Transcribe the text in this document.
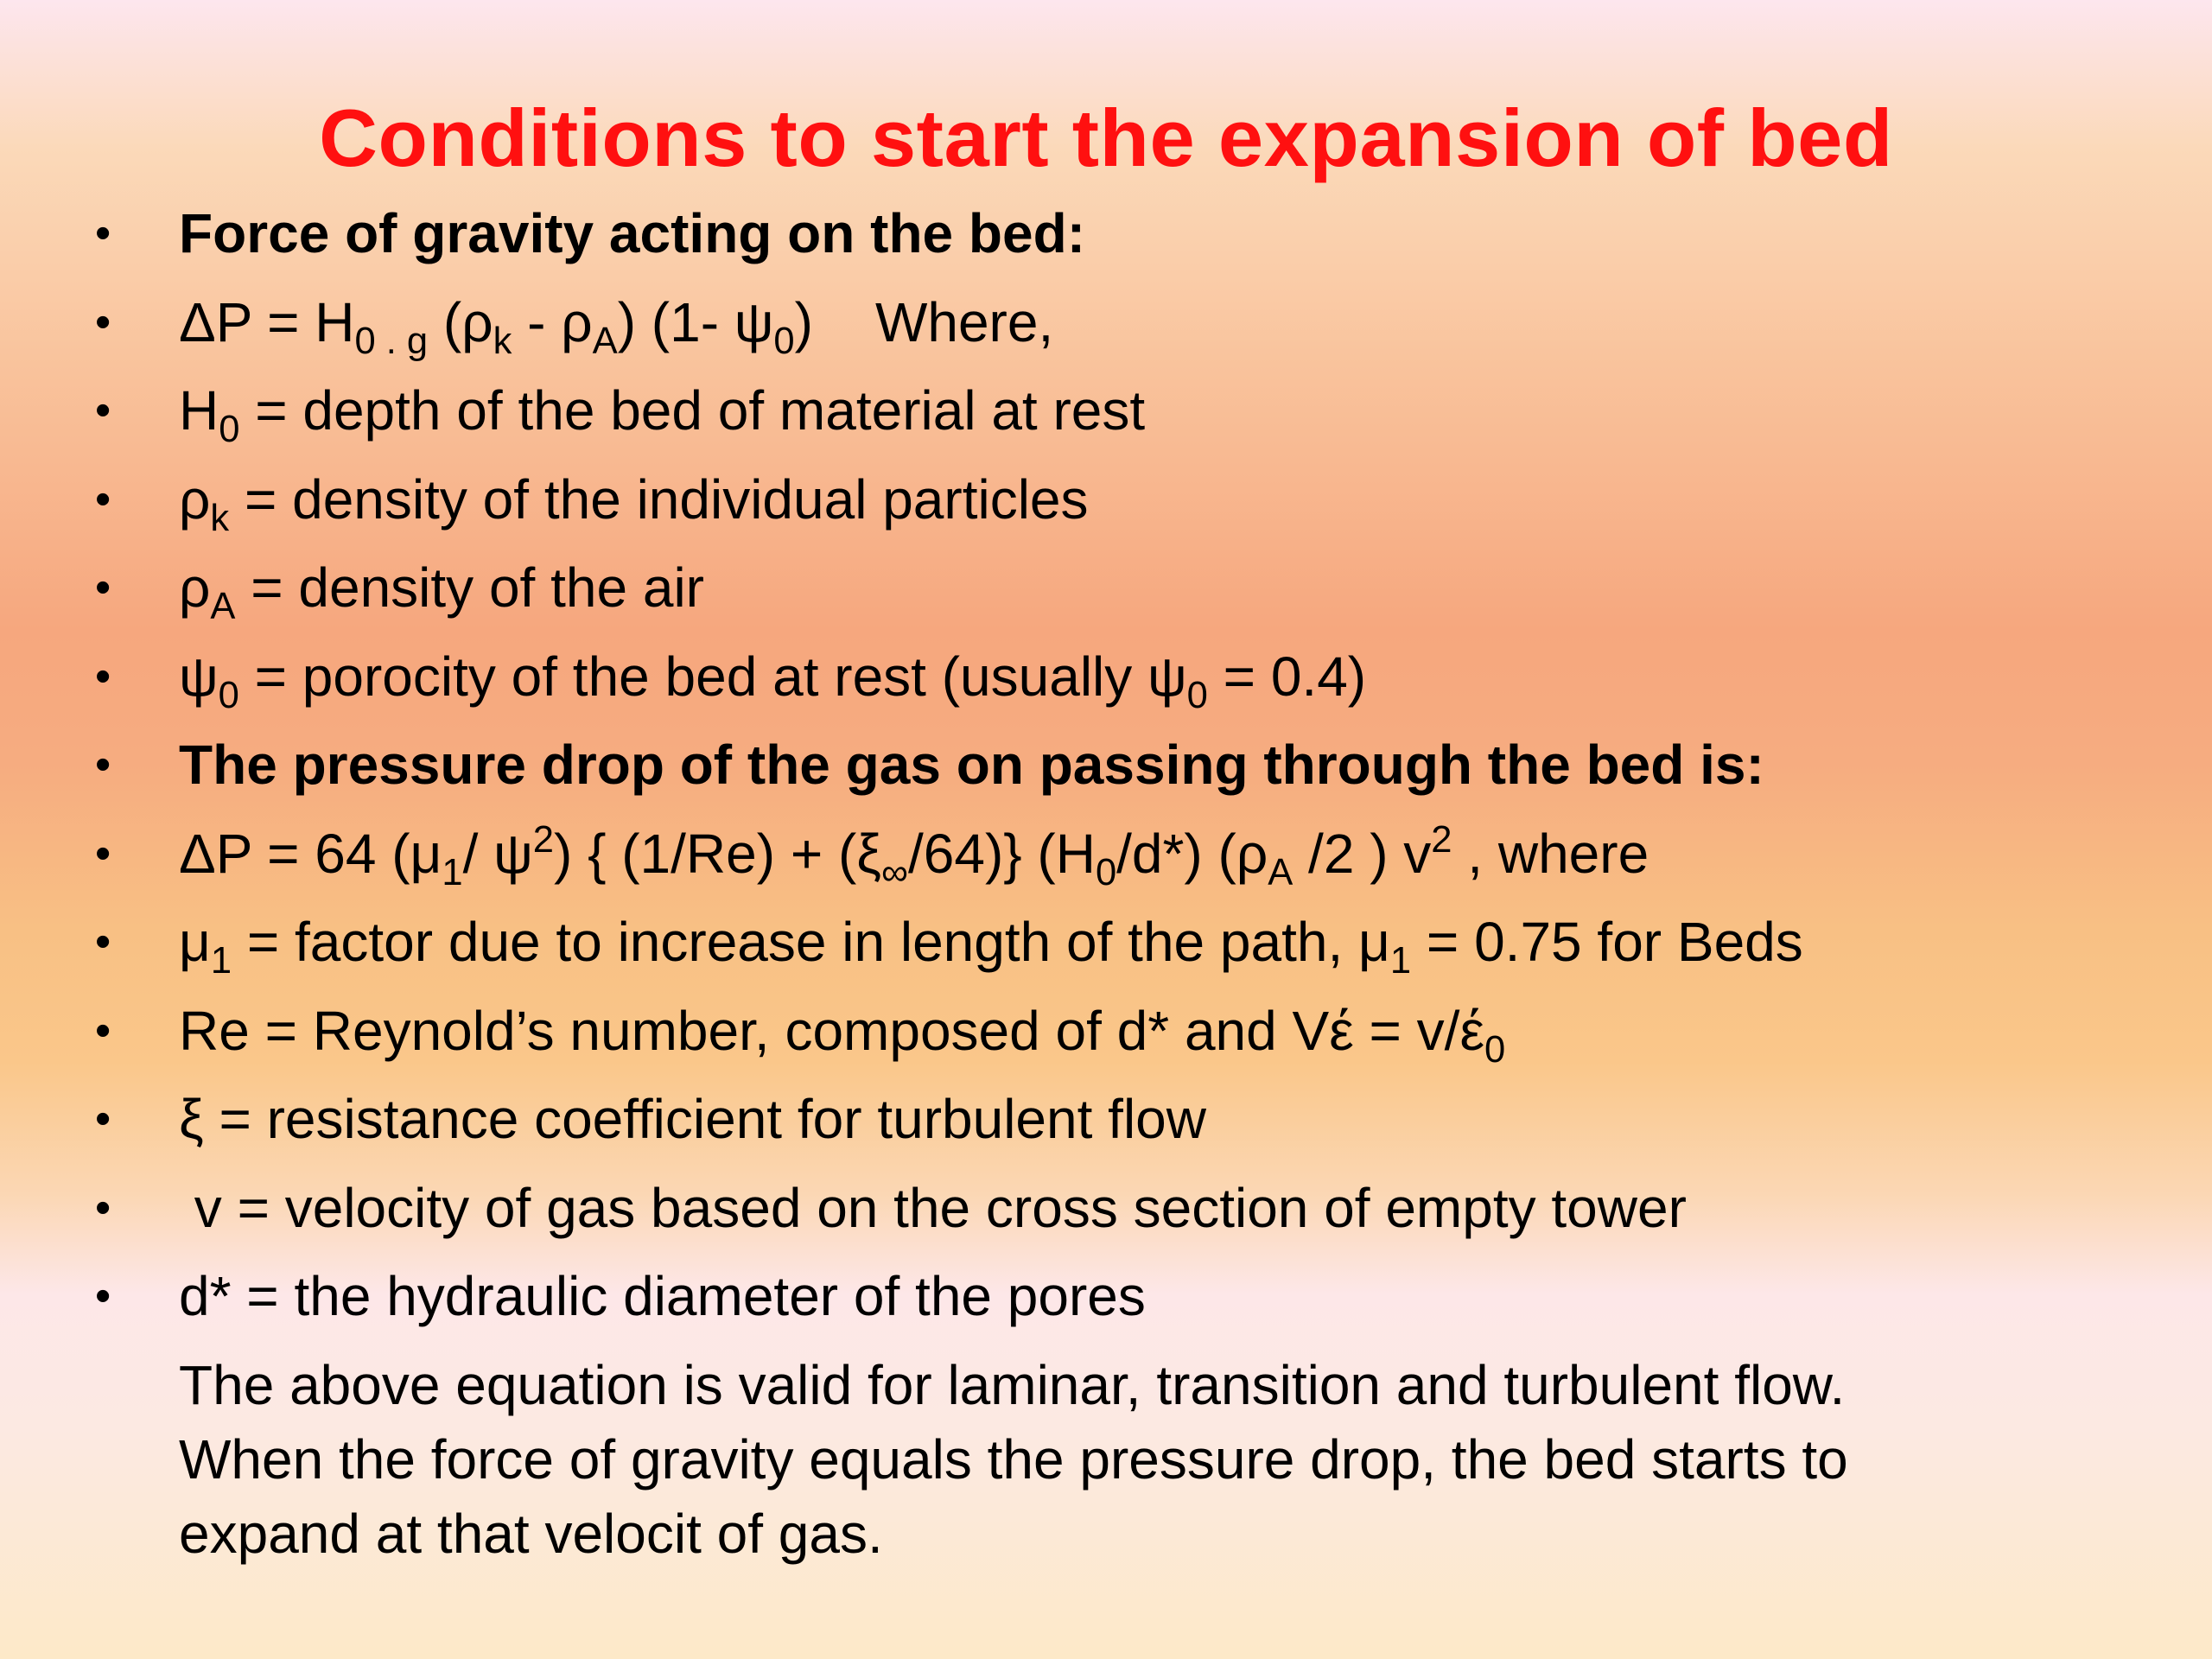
Conditions to start the expansion of bed
• Force of gravity acting on the bed:
• $\Delta P = H_{0 . g}$ $(\rho_k - \rho_A)$ (1- $\psi_0$) Where,
• $H_0$ = depth of the bed of material at rest
• $\rho_k$ = density of the individual particles
• $\rho_A$ = density of the air
• $\psi_0$ = porocity of the bed at rest (usually $\psi_0 = 0.4$)
• The pressure drop of the gas on passing through the bed is:
• ΔP = 64 ($\mu_1/$ $\psi^2$) { $(1/Re) + (\xi_\infty/64)$} $(H_0/d*)$ ($\rho_A$ /2 ) $v^2$ , where
• $\mu_1$ = factor due to increase in length of the path, $\mu_1 = 0.75$ for Beds
• Re = Reynold’s number, composed of d* and $Vέ = v/έ_0$
• ξ = resistance coefficient for turbulent flow
• v = velocity of gas based on the cross section of empty tower
• d* = the hydraulic diameter of the pores
The above equation is valid for laminar, transition and turbulent flow.
When the force of gravity equals the pressure drop, the bed starts to
expand at that velocit of gas.
